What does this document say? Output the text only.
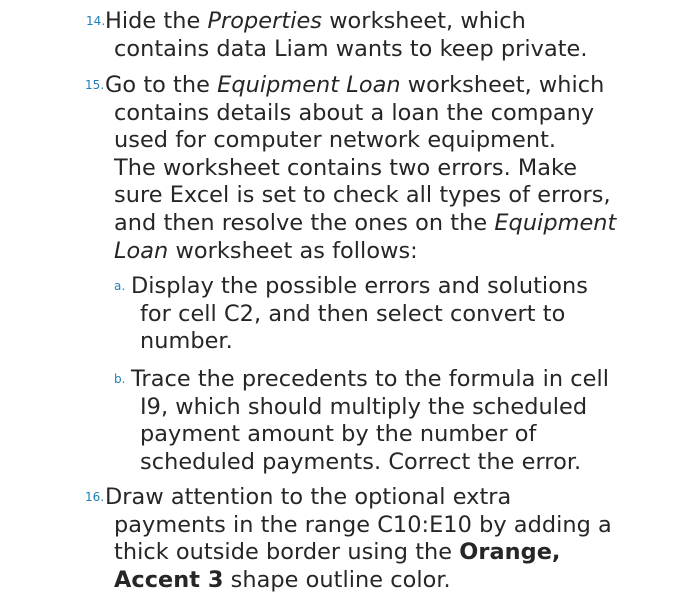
14. Hide the Properties worksheet, which
contains data Liam wants to keep private.

15. Go to the Equipment Loan worksheet, which
contains details about a loan the company
used for computer network equipment.
The worksheet contains two errors. Make
sure Excel is set to check all types of errors,
and then resolve the ones on the Equipment
Loan worksheet as follows:

a. Display the possible errors and solutions
for cell C2, and then select convert to
number.

b. Trace the precedents to the formula in cell
I9, which should multiply the scheduled
payment amount by the number of
scheduled payments. Correct the error.

16. Draw attention to the optional extra
payments in the range C10:E10 by adding a
thick outside border using the Orange,
Accent 3 shape outline color.
